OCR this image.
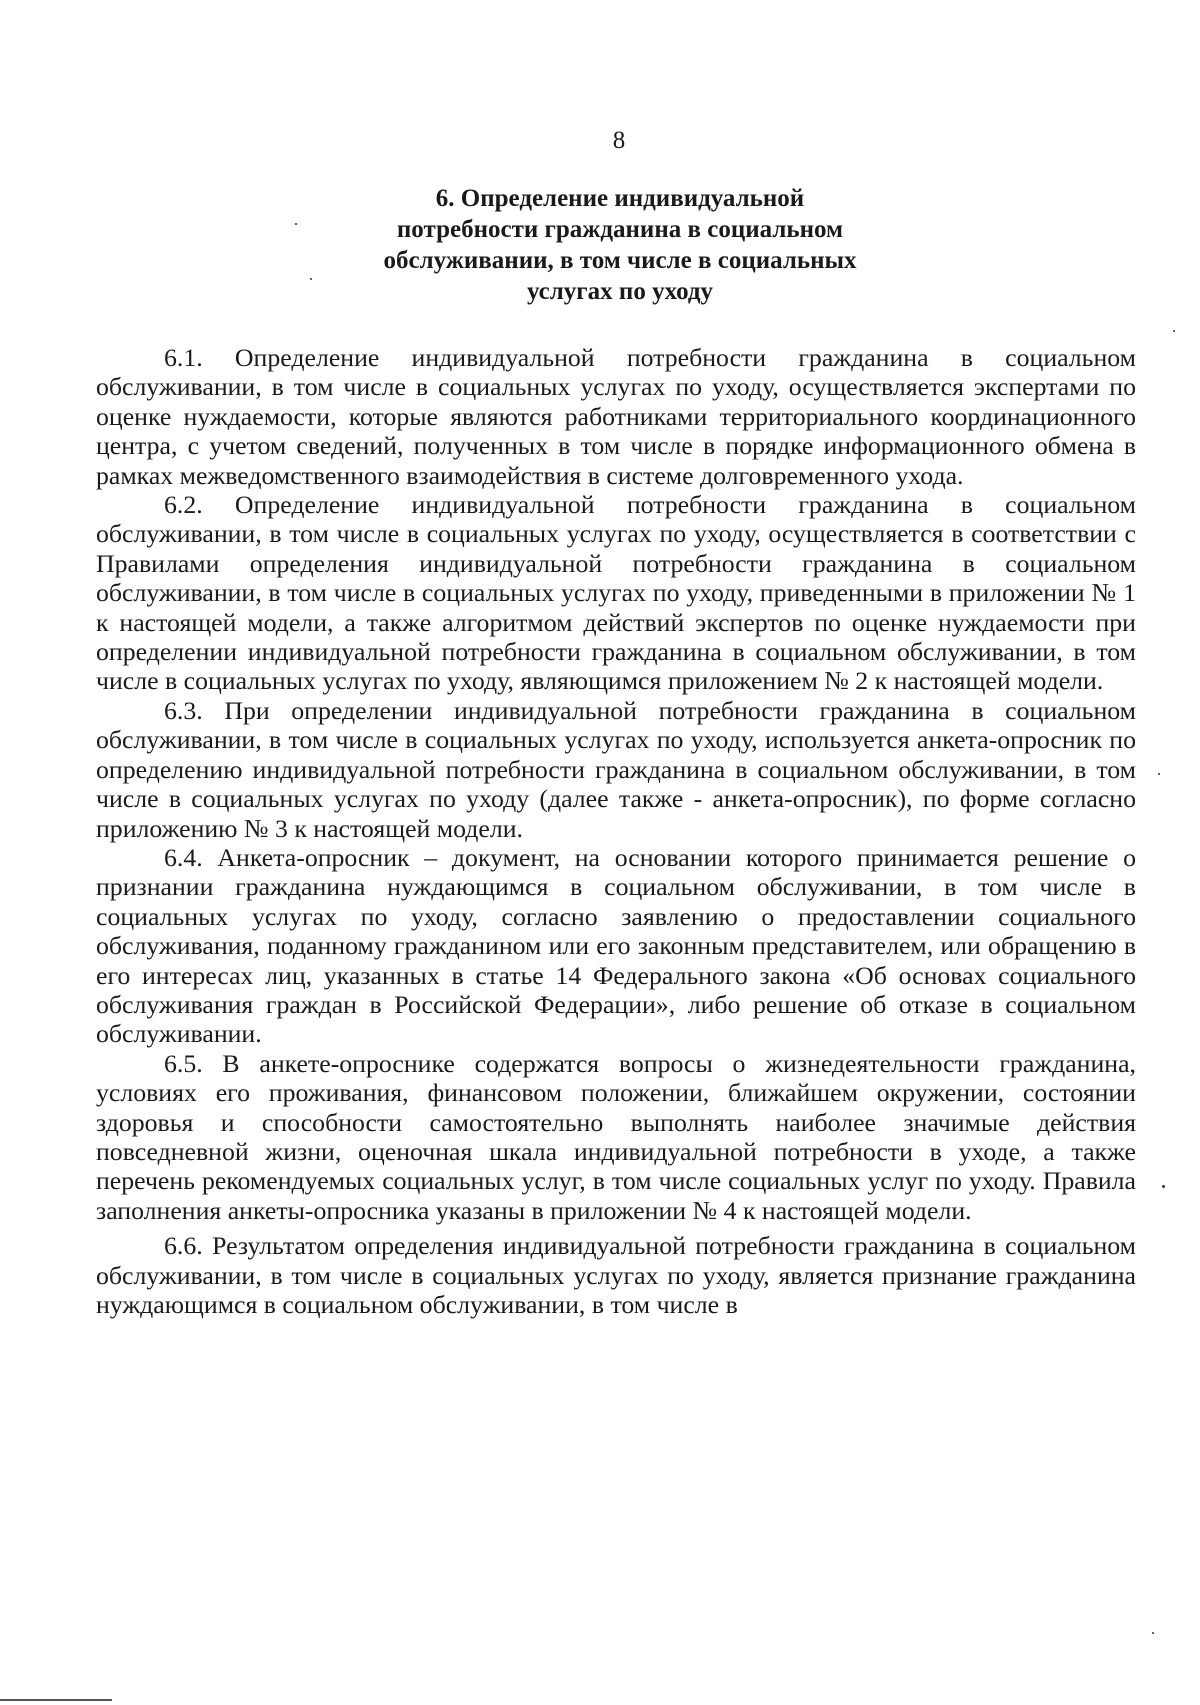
8
6. Определение индивидуальной
потребности гражданина в социальном
обслуживании, в том числе в социальных
услугах по уходу

6.1. Определение индивидуальной потребности гражданина в социальном обслуживании, в том числе в социальных услугах по уходу, осуществляется экспертами по оценке нуждаемости, которые являются работниками территориального координационного центра, с учетом сведений, полученных в том числе в порядке информационного обмена в рамках межведомственного взаимодействия в системе долговременного ухода.

6.2. Определение индивидуальной потребности гражданина в социальном обслуживании, в том числе в социальных услугах по уходу, осуществляется в соответствии с Правилами определения индивидуальной потребности гражданина в социальном обслуживании, в том числе в социальных услугах по уходу, приведенными в приложении № 1 к настоящей модели, а также алгоритмом действий экспертов по оценке нуждаемости при определении индивидуальной потребности гражданина в социальном обслуживании, в том числе в социальных услугах по уходу, являющимся приложением № 2 к настоящей модели.

6.3. При определении индивидуальной потребности гражданина в социальном обслуживании, в том числе в социальных услугах по уходу, используется анкета-опросник по определению индивидуальной потребности гражданина в социальном обслуживании, в том числе в социальных услугах по уходу (далее также - анкета-опросник), по форме согласно приложению № 3 к настоящей модели.

6.4. Анкета-опросник – документ, на основании которого принимается решение о признании гражданина нуждающимся в социальном обслуживании, в том числе в социальных услугах по уходу, согласно заявлению о предоставлении социального обслуживания, поданному гражданином или его законным представителем, или обращению в его интересах лиц, указанных в статье 14 Федерального закона «Об основах социального обслуживания граждан в Российской Федерации», либо решение об отказе в социальном обслуживании.

6.5. В анкете-опроснике содержатся вопросы о жизнедеятельности гражданина, условиях его проживания, финансовом положении, ближайшем окружении, состоянии здоровья и способности самостоятельно выполнять наиболее значимые действия повседневной жизни, оценочная шкала индивидуальной потребности в уходе, а также перечень рекомендуемых социальных услуг, в том числе социальных услуг по уходу. Правила заполнения анкеты-опросника указаны в приложении № 4 к настоящей модели.

6.6. Результатом определения индивидуальной потребности гражданина в социальном обслуживании, в том числе в социальных услугах по уходу, является признание гражданина нуждающимся в социальном обслуживании, в том числе в
